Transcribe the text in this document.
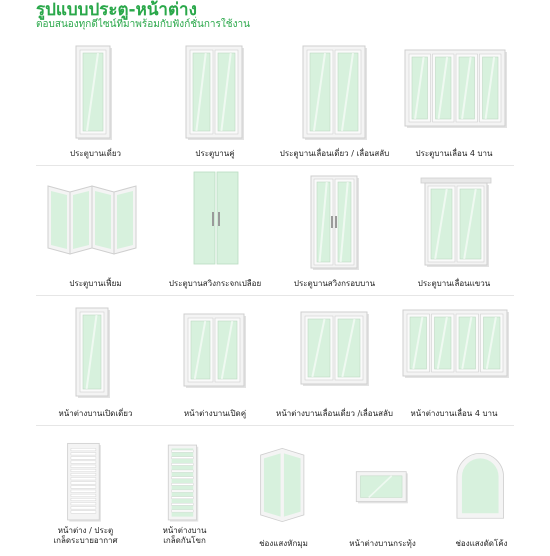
รูปแบบประตู-หน้าต่าง
ตอบสนองทุกดีไซน์ที่มาพร้อมกับฟังก์ชั่นการใช้งาน
ประตูบานเดี่ยว	ประตูบานคู่	ประตูบานเลื่อนเดี่ยว / เลื่อนสลับ	ประตูบานเลื่อน 4 บาน
ประตูบานเฟี้ยม	ประตูบานสวิงกระจกเปลือย	ประตูบานสวิงกรอบบาน	ประตูบานเลื่อนแขวน
หน้าต่างบานเปิดเดี่ยว	หน้าต่างบานเปิดคู่	หน้าต่างบานเลื่อนเดี่ยว /เลื่อนสลับ	หน้าต่างบานเลื่อน 4 บาน
หน้าต่าง / ประตู
เกล็ดระบายอากาศ
หน้าต่างบาน
เกล็ดกันโขก	ช่องแสงหักมุม	หน้าต่างบานกระทุ้ง	ช่องแสงดัดโค้ง
